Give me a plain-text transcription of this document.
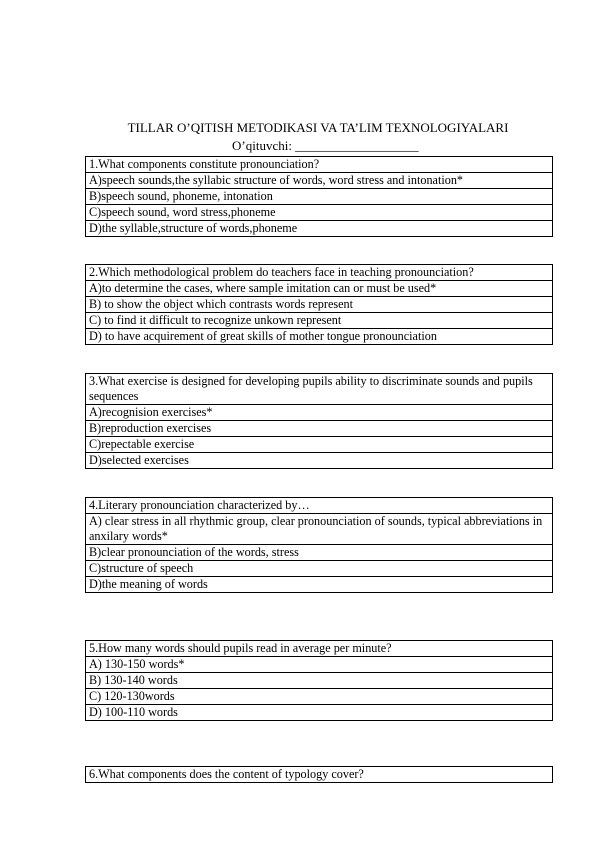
TILLAR O’QITISH METODIKASI VA TA’LIM TEXNOLOGIYALARI
O’qituvchi: ___________________
1.What components constitute pronounciation?
A)speech sounds,the syllabic structure of words, word stress and intonation*
B)speech sound, phoneme, intonation
C)speech sound, word stress,phoneme
D)the syllable,structure of words,phoneme
2.Which methodological problem do teachers face in teaching pronounciation?
A)to determine the cases, where sample imitation can or must be used*
B) to show the object which contrasts words represent
C) to find it difficult to recognize unkown represent
D) to have acquirement of great skills of mother tongue pronounciation
3.What exercise is designed for developing pupils ability to discriminate sounds and pupils sequences
A)recognision exercises*
B)reproduction exercises
C)repectable exercise
D)selected exercises
4.Literary pronounciation characterized by…
A) clear stress in all rhythmic group, clear pronounciation of sounds, typical abbreviations in anxilary words*
B)clear pronounciation of the words, stress
C)structure of speech
D)the meaning of words
5.How many words should pupils read in average per minute?
A) 130-150 words*
B) 130-140 words
C) 120-130words
D) 100-110 words
6.What components does the content of typology cover?
